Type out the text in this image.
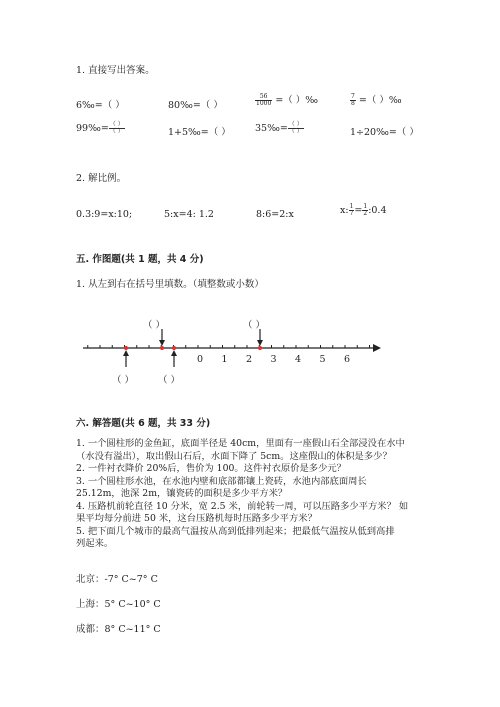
1. 直接写出答案。
6‰=（ ）	80‰=（ ）	$\frac{56}{1000}$ =（ ）‰	$\frac{7}{8}$ =（ ）‰
99‰= $\frac{( )}{( )}$	1+5‰=（ ）	35‰= $\frac{( )}{( )}$	1÷20‰=（ ）
2. 解比例。
0.3:9=x:10;	5:x=4: 1.2	8:6=2:x	x: $\frac{1}{7} = \frac{1}{2}$ :0.4
五. 作图题(共 1 题，共 4 分)
1. 从左到右在括号里填数。（填整数或小数）
（ ）	（ ）
0 1 2 3 4 5 6
（ ）	（ ）
六. 解答题(共 6 题，共 33 分)
1. 一个圆柱形的金鱼缸，底面半径是 40cm，里面有一座假山石全部浸没在水中
（水没有溢出），取出假山石后，水面下降了 5cm。这座假山的体积是多少？
2. 一件衬衣降价 20%后，售价为 100。这件衬衣原价是多少元？
3. 一个圆柱形水池，在水池内壁和底部都镶上瓷砖，水池内部底面周长
25.12m，池深 2m，镶瓷砖的面积是多少平方米？
4. 压路机前轮直径 10 分米，宽 2.5 米，前轮转一周，可以压路多少平方米？ 如
果平均每分前进 50 米，这台压路机每时压路多少平方米？
5. 把下面几个城市的最高气温按从高到低排列起来；把最低气温按从低到高排
列起来。
北京：-7° C~7° C
上海：5° C~10° C
成都：8° C~11° C
